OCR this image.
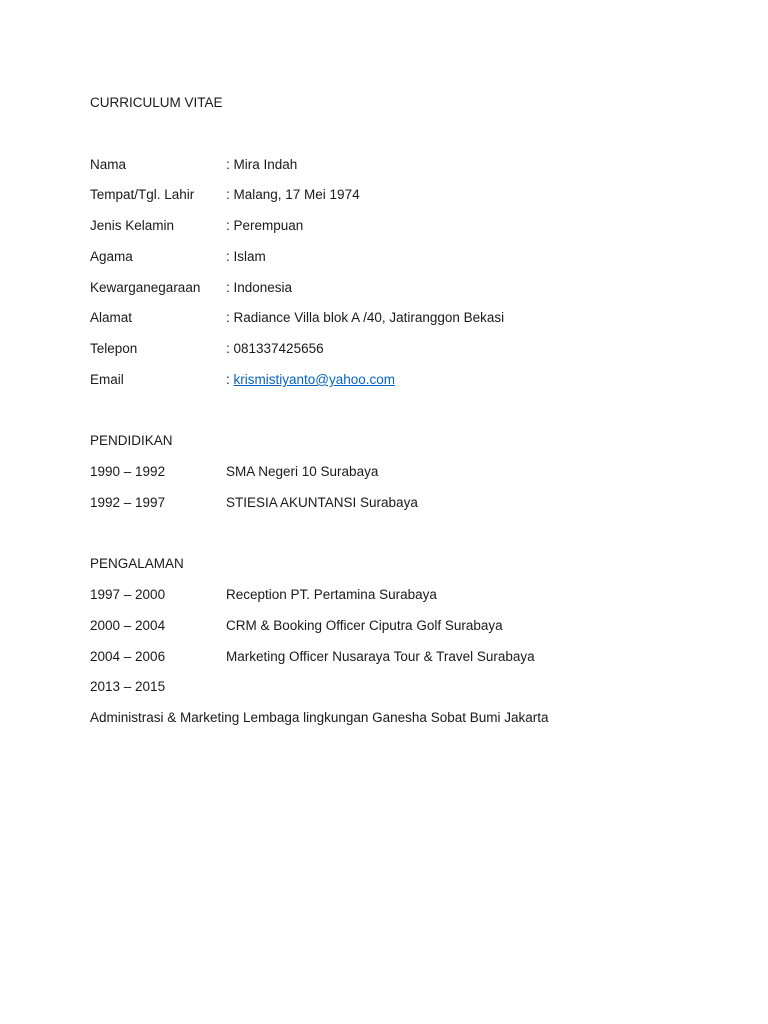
CURRICULUM VITAE
Nama	: Mira Indah
Tempat/Tgl. Lahir : Malang, 17 Mei 1974
Jenis Kelamin	: Perempuan
Agama	: Islam
Kewarganegaraan : Indonesia
Alamat	: Radiance Villa blok A /40, Jatiranggon Bekasi
Telepon	: 081337425656
Email	: krismistiyanto@yahoo.com
PENDIDIKAN
1990 – 1992	SMA Negeri 10 Surabaya
1992 – 1997	STIESIA AKUNTANSI Surabaya
PENGALAMAN
1997 – 2000	Reception PT. Pertamina Surabaya
2000 – 2004	CRM & Booking Officer Ciputra Golf Surabaya
2004 – 2006	Marketing Officer Nusaraya Tour & Travel Surabaya
2013 – 2015
Administrasi & Marketing Lembaga lingkungan Ganesha Sobat Bumi Jakarta
